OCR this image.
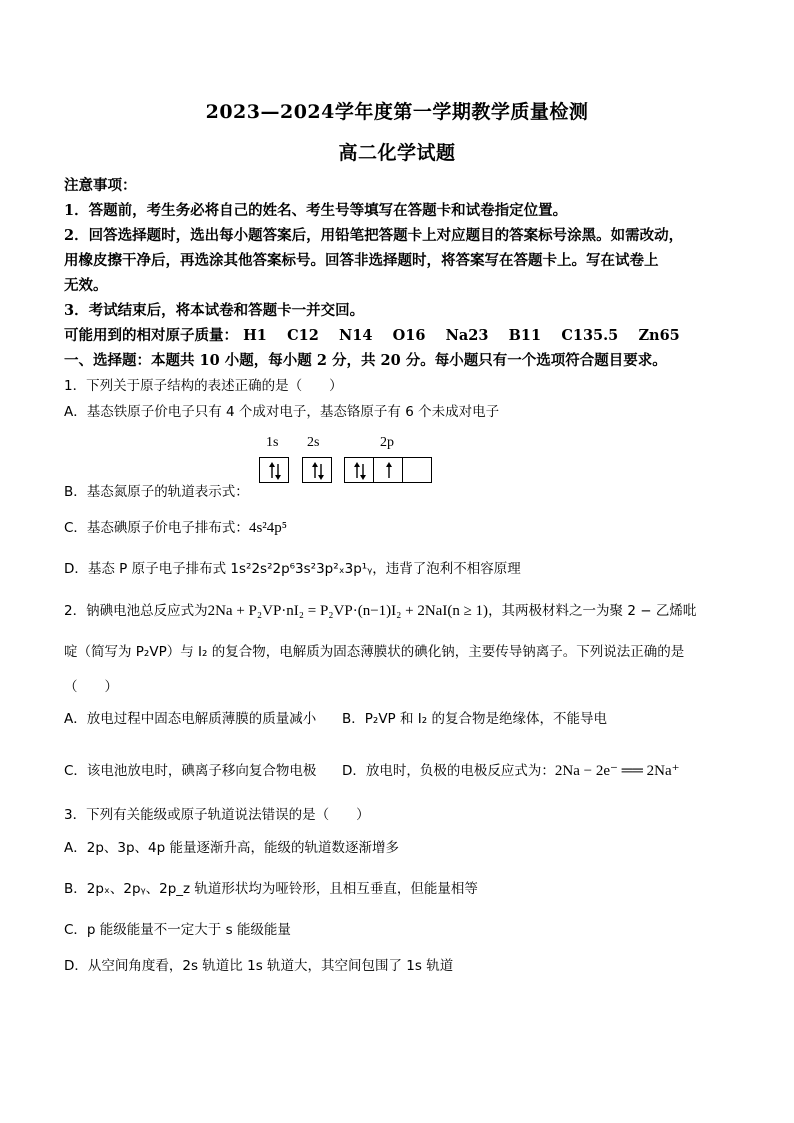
2023—2024学年度第一学期教学质量检测
高二化学试题
注意事项：
1．答题前，考生务必将自己的姓名、考生号等填写在答题卡和试卷指定位置。
2．回答选择题时，选出每小题答案后，用铅笔把答题卡上对应题目的答案标号涂黑。如需改动，
用橡皮擦干净后，再选涂其他答案标号。回答非选择题时，将答案写在答题卡上。写在试卷上
无效。
3．考试结束后，将本试卷和答题卡一并交回。
可能用到的相对原子质量： H1 C12 N14 O16 Na23 B11 C135.5 Zn65
一、选择题：本题共 10 小题，每小题 2 分，共 20 分。每小题只有一个选项符合题目要求。
1．下列关于原子结构的表述正确的是（　　）
A．基态铁原子价电子只有 4 个成对电子，基态铬原子有 6 个未成对电子
1s 2s	2p
B．基态氮原子的轨道表示式：
C．基态碘原子价电子排布式：4s²4p⁵
D．基态 P 原子电子排布式 1s²2s²2p⁶3s²3p²ₓ3p¹ᵧ，违背了泡利不相容原理
2．钠碘电池总反应式为2Na + P₂VP·nI₂ = P₂VP·(n−1)I₂ + 2NaI(n ≥ 1)，其两极材料之一为聚 2 − 乙烯吡
啶（简写为 P₂VP）与 I₂ 的复合物，电解质为固态薄膜状的碘化钠，主要传导钠离子。下列说法正确的是
（　　）
A．放电过程中固态电解质薄膜的质量减小 B．P₂VP 和 I₂ 的复合物是绝缘体，不能导电
C．该电池放电时，碘离子移向复合物电极 D．放电时，负极的电极反应式为：2Na − 2e⁻ ══ 2Na⁺
3．下列有关能级或原子轨道说法错误的是（　　）
A．2p、3p、4p 能量逐渐升高，能级的轨道数逐渐增多
B．2pₓ、2pᵧ、2p_z 轨道形状均为哑铃形，且相互垂直，但能量相等
C．p 能级能量不一定大于 s 能级能量
D．从空间角度看，2s 轨道比 1s 轨道大，其空间包围了 1s 轨道
